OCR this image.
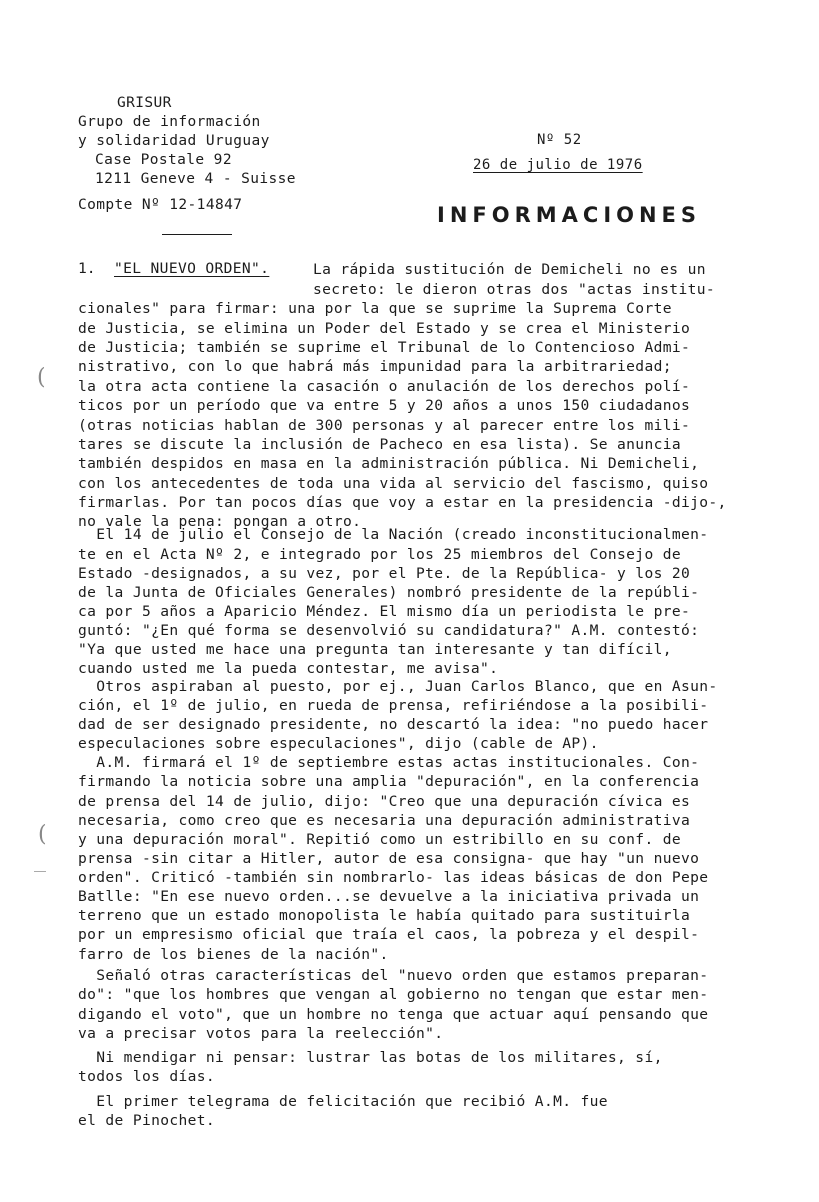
GRISUR
Grupo de información
y solidaridad Uruguay
Case Postale 92
1211 Geneve 4 - Suisse
Compte Nº 12-14847
Nº 52
26 de julio de 1976
INFORMACIONES
(
(
1. "EL NUEVO ORDEN".	La rápida sustitución de Demicheli no es un
secreto: le dieron otras dos "actas institu-
cionales" para firmar: una por la que se suprime la Suprema Corte
de Justicia, se elimina un Poder del Estado y se crea el Ministerio
de Justicia; también se suprime el Tribunal de lo Contencioso Admi-
nistrativo, con lo que habrá más impunidad para la arbitrariedad;
la otra acta contiene la casación o anulación de los derechos polí-
ticos por un período que va entre 5 y 20 años a unos 150 ciudadanos
(otras noticias hablan de 300 personas y al parecer entre los mili-
tares se discute la inclusión de Pacheco en esa lista). Se anuncia
también despidos en masa en la administración pública. Ni Demicheli,
con los antecedentes de toda una vida al servicio del fascismo, quiso
firmarlas. Por tan pocos días que voy a estar en la presidencia -dijo-,
no vale la pena: pongan a otro.
El 14 de julio el Consejo de la Nación (creado inconstitucionalmen-
te en el Acta Nº 2, e integrado por los 25 miembros del Consejo de
Estado -designados, a su vez, por el Pte. de la República- y los 20
de la Junta de Oficiales Generales) nombró presidente de la repúbli-
ca por 5 años a Aparicio Méndez. El mismo día un periodista le pre-
guntó: "¿En qué forma se desenvolvió su candidatura?" A.M. contestó:
"Ya que usted me hace una pregunta tan interesante y tan difícil,
cuando usted me la pueda contestar, me avisa".
Otros aspiraban al puesto, por ej., Juan Carlos Blanco, que en Asun-
ción, el 1º de julio, en rueda de prensa, refiriéndose a la posibili-
dad de ser designado presidente, no descartó la idea: "no puedo hacer
especulaciones sobre especulaciones", dijo (cable de AP).
A.M. firmará el 1º de septiembre estas actas institucionales. Con-
firmando la noticia sobre una amplia "depuración", en la conferencia
de prensa del 14 de julio, dijo: "Creo que una depuración cívica es
necesaria, como creo que es necesaria una depuración administrativa
y una depuración moral". Repitió como un estribillo en su conf. de
prensa -sin citar a Hitler, autor de esa consigna- que hay "un nuevo
orden". Criticó -también sin nombrarlo- las ideas básicas de don Pepe
Batlle: "En ese nuevo orden...se devuelve a la iniciativa privada un
terreno que un estado monopolista le había quitado para sustituirla
por un empresismo oficial que traía el caos, la pobreza y el despil-
farro de los bienes de la nación".
Señaló otras características del "nuevo orden que estamos preparan-
do": "que los hombres que vengan al gobierno no tengan que estar men-
digando el voto", que un hombre no tenga que actuar aquí pensando que
va a precisar votos para la reelección".
Ni mendigar ni pensar: lustrar las botas de los militares, sí,
todos los días.
El primer telegrama de felicitación que recibió A.M. fue
el de Pinochet.
